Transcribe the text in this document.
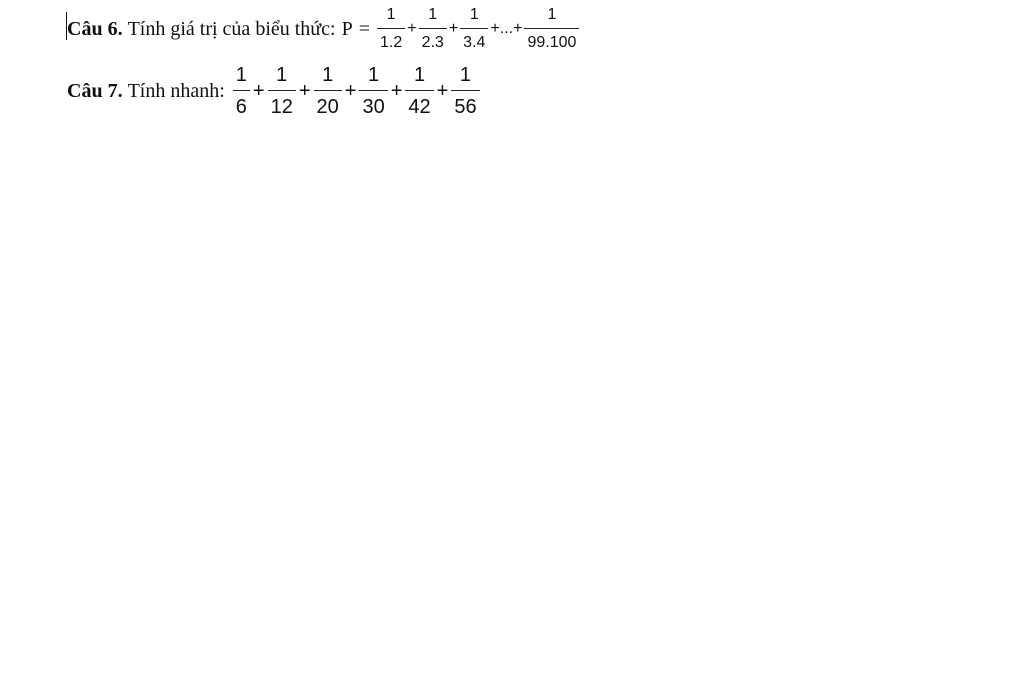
Câu 6. Tính giá trị của biểu thức: $P = \frac{1}{1.2} + \frac{1}{2.3} + \frac{1}{3.4}$ +...+ $\frac{1}{99.100}$
Câu 7. Tính nhanh: $\frac{1}{6} + \frac{1}{12} + \frac{1}{20} + \frac{1}{30} + \frac{1}{42} + \frac{1}{56}$
